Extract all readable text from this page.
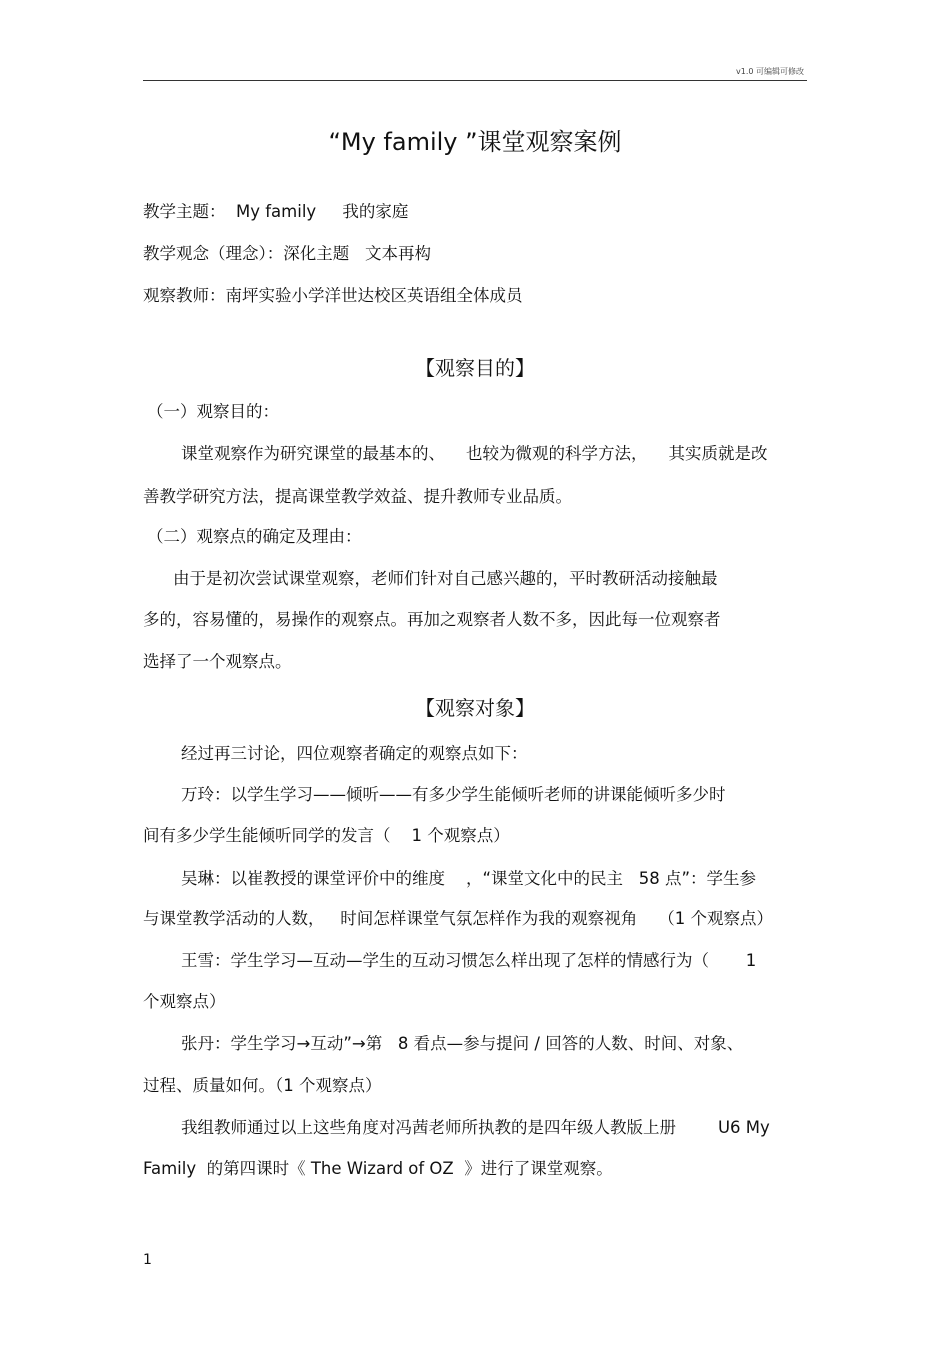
v1.0 可编辑可修改
“My family ”课堂观察案例
教学主题：  My family     我的家庭
教学观念（理念）：深化主题   文本再构
观察教师：南坪实验小学洋世达校区英语组全体成员
【观察目的】
（一）观察目的：
课堂观察作为研究课堂的最基本的、    也较为微观的科学方法，    其实质就是改
善教学研究方法，提高课堂教学效益、提升教师专业品质。
（二）观察点的确定及理由：
由于是初次尝试课堂观察，老师们针对自己感兴趣的，平时教研活动接触最
多的，容易懂的，易操作的观察点。再加之观察者人数不多，因此每一位观察者
选择了一个观察点。
【观察对象】
经过再三讨论，四位观察者确定的观察点如下：
万玲：以学生学习——倾听——有多少学生能倾听老师的讲课能倾听多少时
间有多少学生能倾听同学的发言（    1 个观察点）
吴琳：以崔教授的课堂评价中的维度    ，“课堂文化中的民主   58 点”：学生参
与课堂教学活动的人数，   时间怎样课堂气氛怎样作为我的观察视角    （1 个观察点）
王雪：学生学习—互动—学生的互动习惯怎么样出现了怎样的情感行为（       1
个观察点）
张丹：学生学习→互动”→第   8 看点—参与提问 / 回答的人数、时间、对象、
过程、质量如何。（1 个观察点）
我组教师通过以上这些角度对冯茜老师所执教的是四年级人教版上册        U6 My
Family  的第四课时《 The Wizard of OZ  》进行了课堂观察。
1
